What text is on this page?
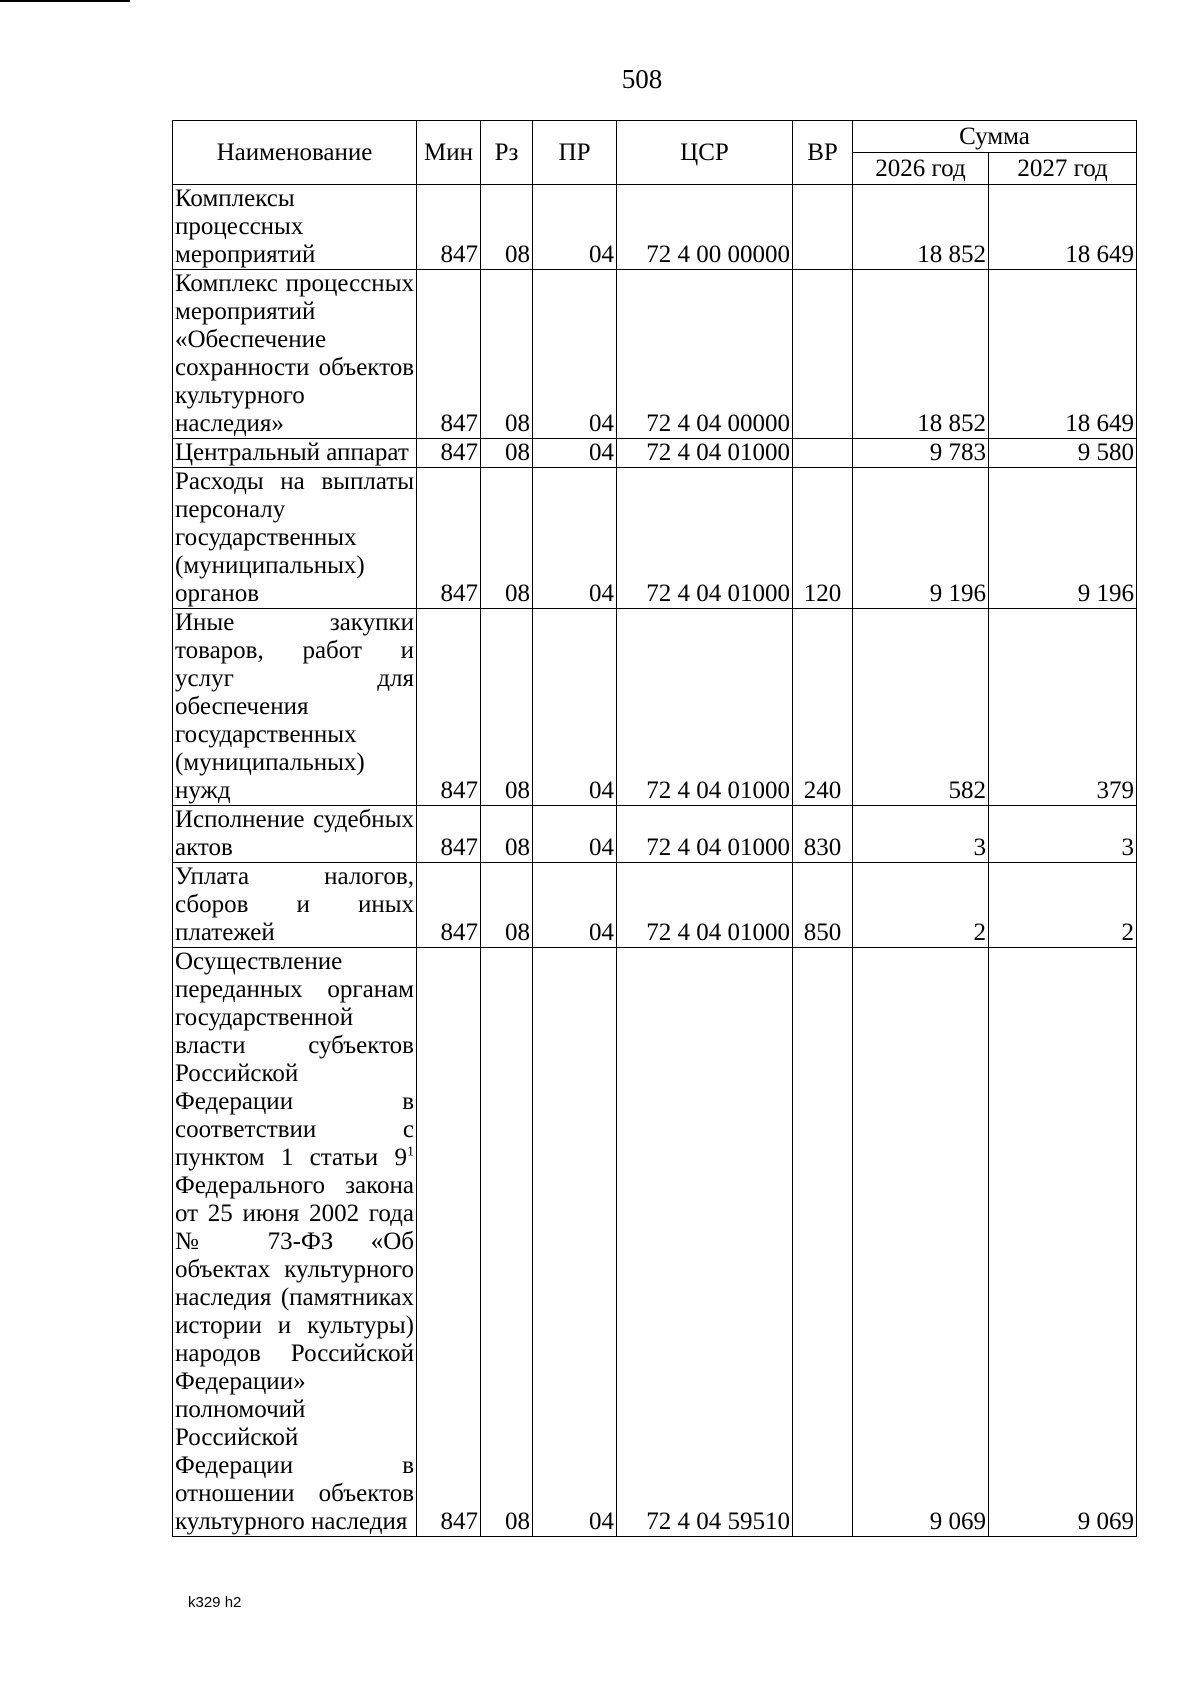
508
Наименование	Мин	Рз	ПР	ЦСР	ВР	Сумма	
						2026 год	2027 год
Комплексы процессных мероприятий	847	08	04	72 4 00 00000		18 852	18 649
Комплекс процессных мероприятий «Обеспечение сохранности объектов культурного наследия»	847	08	04	72 4 04 00000		18 852	18 649
Центральный аппарат	847	08	04	72 4 04 01000		9 783	9 580
Расходы на выплаты персоналу государственных (муниципальных) органов	847	08	04	72 4 04 01000	120	9 196	9 196
Иные закупки товаров, работ и услуг для обеспечения государственных (муниципальных) нужд	847	08	04	72 4 04 01000	240	582	379
Исполнение судебных актов	847	08	04	72 4 04 01000	830	3	3
Уплата налогов, сборов и иных платежей	847	08	04	72 4 04 01000	850	2	2
Осуществление переданных органам государственной власти субъектов Российской Федерации в соответствии с пунктом 1 статьи $9^1$ Федерального закона от 25 июня 2002 года № 73-ФЗ «Об объектах культурного наследия (памятниках истории и культуры) народов Российской Федерации» полномочий Российской Федерации в отношении объектов культурного наследия	847	08	04	72 4 04 59510		9 069	9 069
k329 h2
